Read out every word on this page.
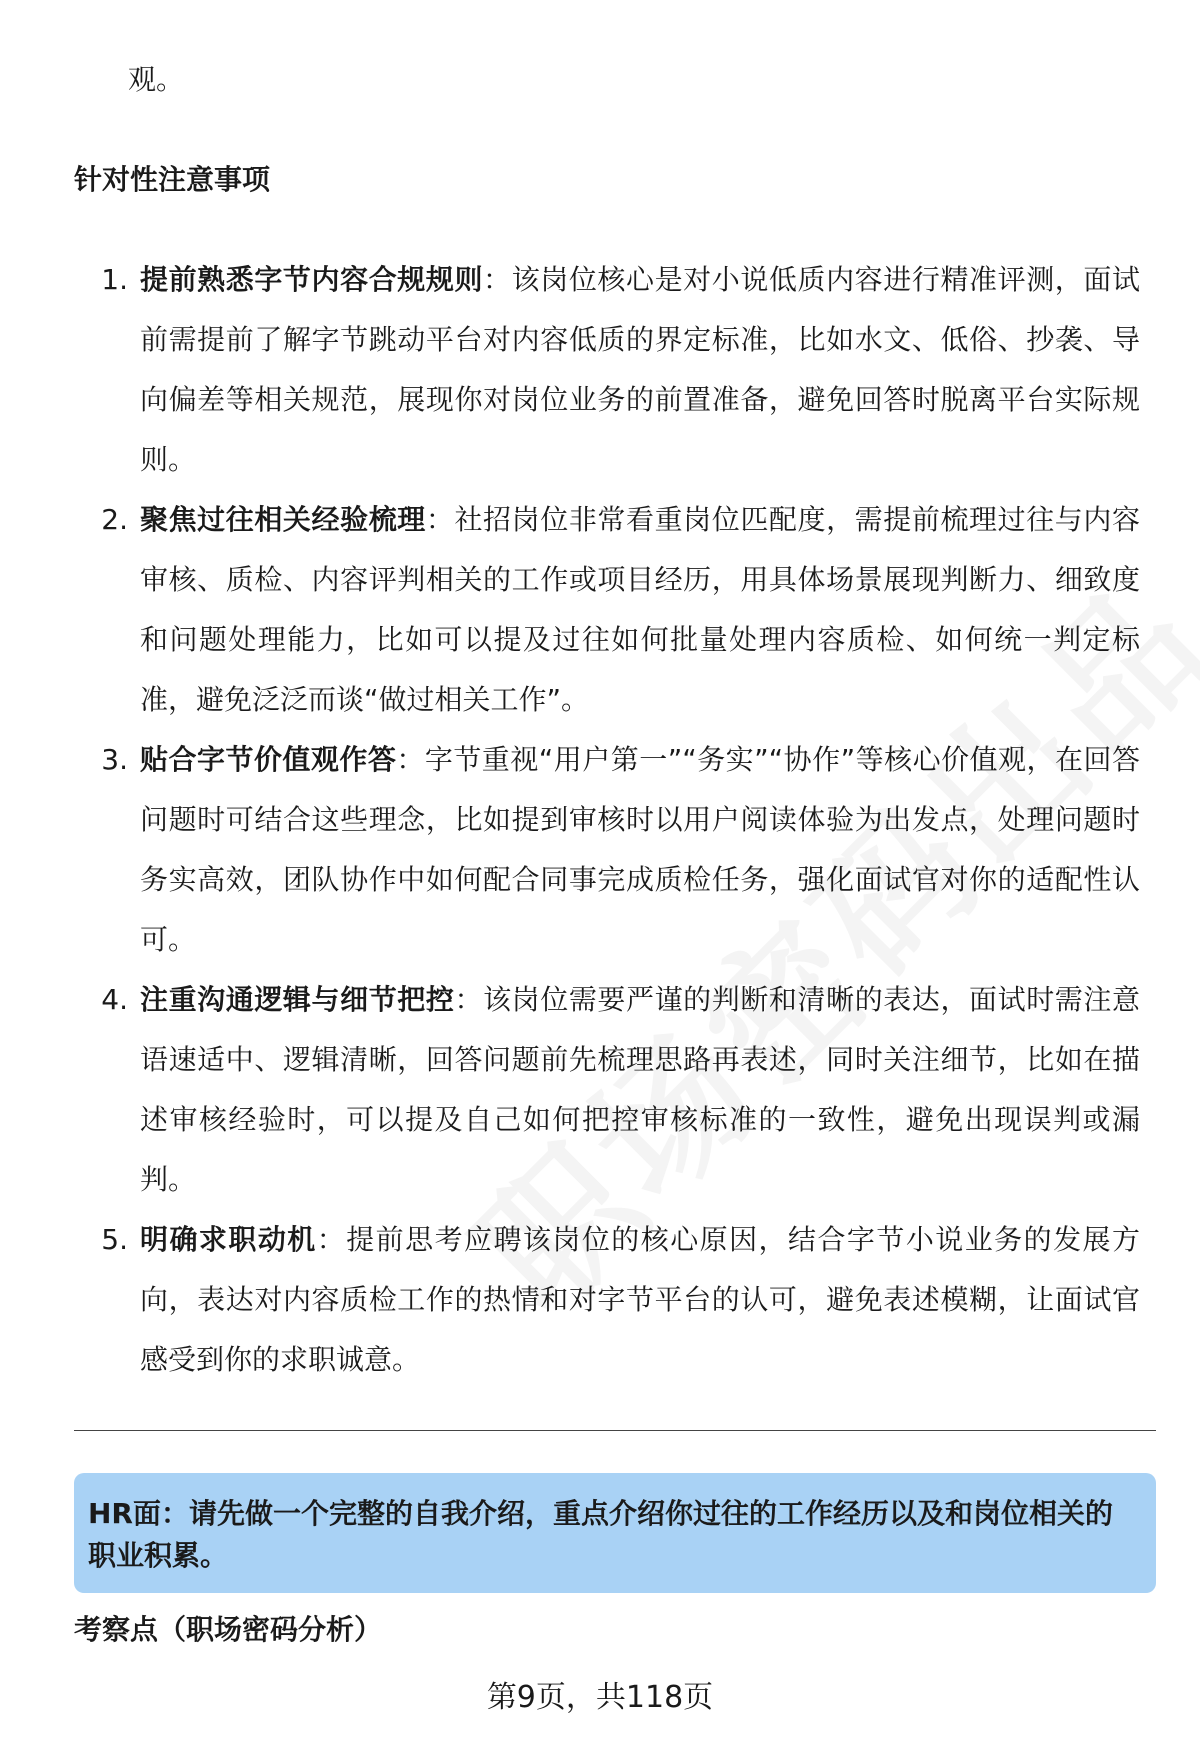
观。
针对性注意事项
1. 提前熟悉字节内容合规规则：该岗位核心是对小说低质内容进行精准评测，面试前需提前了解字节跳动平台对内容低质的界定标准，比如水文、低俗、抄袭、导向偏差等相关规范，展现你对岗位业务的前置准备，避免回答时脱离平台实际规则。
2. 聚焦过往相关经验梳理：社招岗位非常看重岗位匹配度，需提前梳理过往与内容审核、质检、内容评判相关的工作或项目经历，用具体场景展现判断力、细致度和问题处理能力，比如可以提及过往如何批量处理内容质检、如何统一判定标准，避免泛泛而谈“做过相关工作”。
3. 贴合字节价值观作答：字节重视“用户第一”“务实”“协作”等核心价值观，在回答问题时可结合这些理念，比如提到审核时以用户阅读体验为出发点，处理问题时务实高效，团队协作中如何配合同事完成质检任务，强化面试官对你的适配性认可。
4. 注重沟通逻辑与细节把控：该岗位需要严谨的判断和清晰的表达，面试时需注意语速适中、逻辑清晰，回答问题前先梳理思路再表述，同时关注细节，比如在描述审核经验时，可以提及自己如何把控审核标准的一致性，避免出现误判或漏判。
5. 明确求职动机：提前思考应聘该岗位的核心原因，结合字节小说业务的发展方向，表达对内容质检工作的热情和对字节平台的认可，避免表述模糊，让面试官感受到你的求职诚意。
HR面：请先做一个完整的自我介绍，重点介绍你过往的工作经历以及和岗位相关的职业积累。
考察点（职场密码分析）
第9页，共118页
